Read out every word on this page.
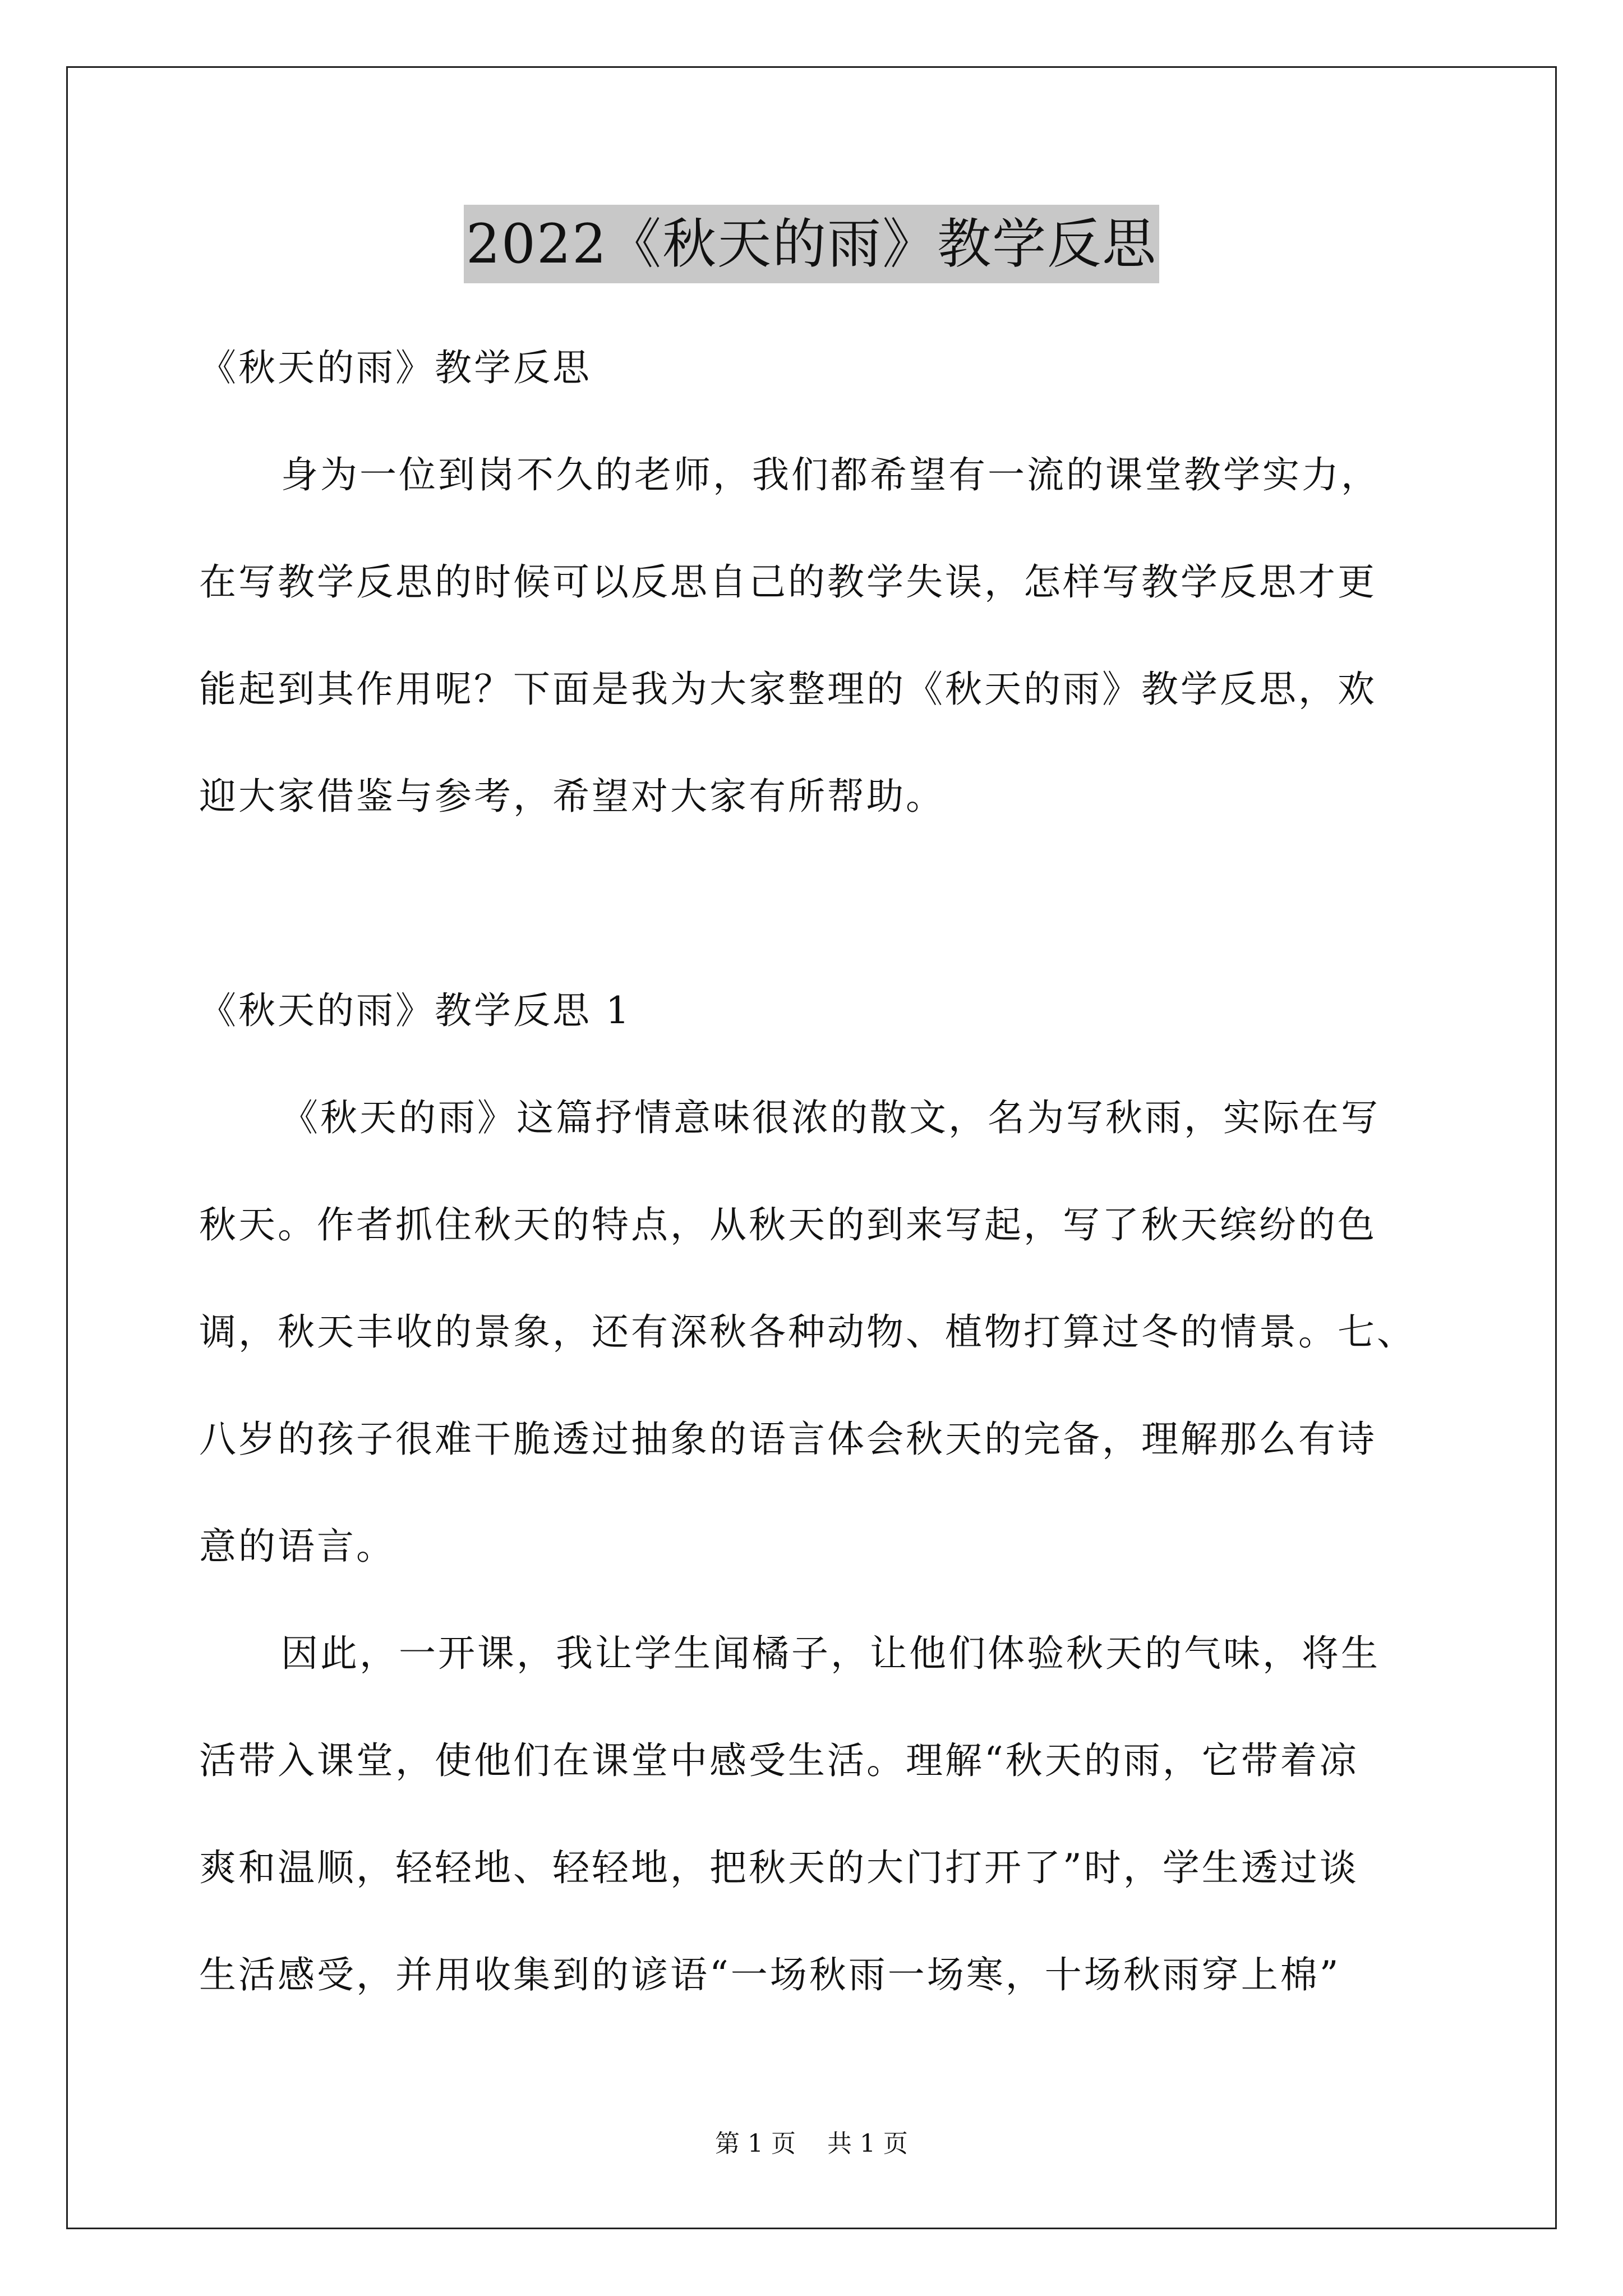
2022《秋天的雨》教学反思
《秋天的雨》教学反思
身为一位到岗不久的老师，我们都希望有一流的课堂教学实力，
在写教学反思的时候可以反思自己的教学失误，怎样写教学反思才更
能起到其作用呢？下面是我为大家整理的《秋天的雨》教学反思，欢
迎大家借鉴与参考，希望对大家有所帮助。
《秋天的雨》教学反思 1
《秋天的雨》这篇抒情意味很浓的散文，名为写秋雨，实际在写
秋天。作者抓住秋天的特点，从秋天的到来写起，写了秋天缤纷的色
调，秋天丰收的景象，还有深秋各种动物、植物打算过冬的情景。七、
八岁的孩子很难干脆透过抽象的语言体会秋天的完备，理解那么有诗
意的语言。
因此，一开课，我让学生闻橘子，让他们体验秋天的气味，将生
活带入课堂，使他们在课堂中感受生活。理解“秋天的雨，它带着凉
爽和温顺，轻轻地、轻轻地，把秋天的大门打开了”时，学生透过谈
生活感受，并用收集到的谚语“一场秋雨一场寒，十场秋雨穿上棉”
第 1 页    共 1 页
